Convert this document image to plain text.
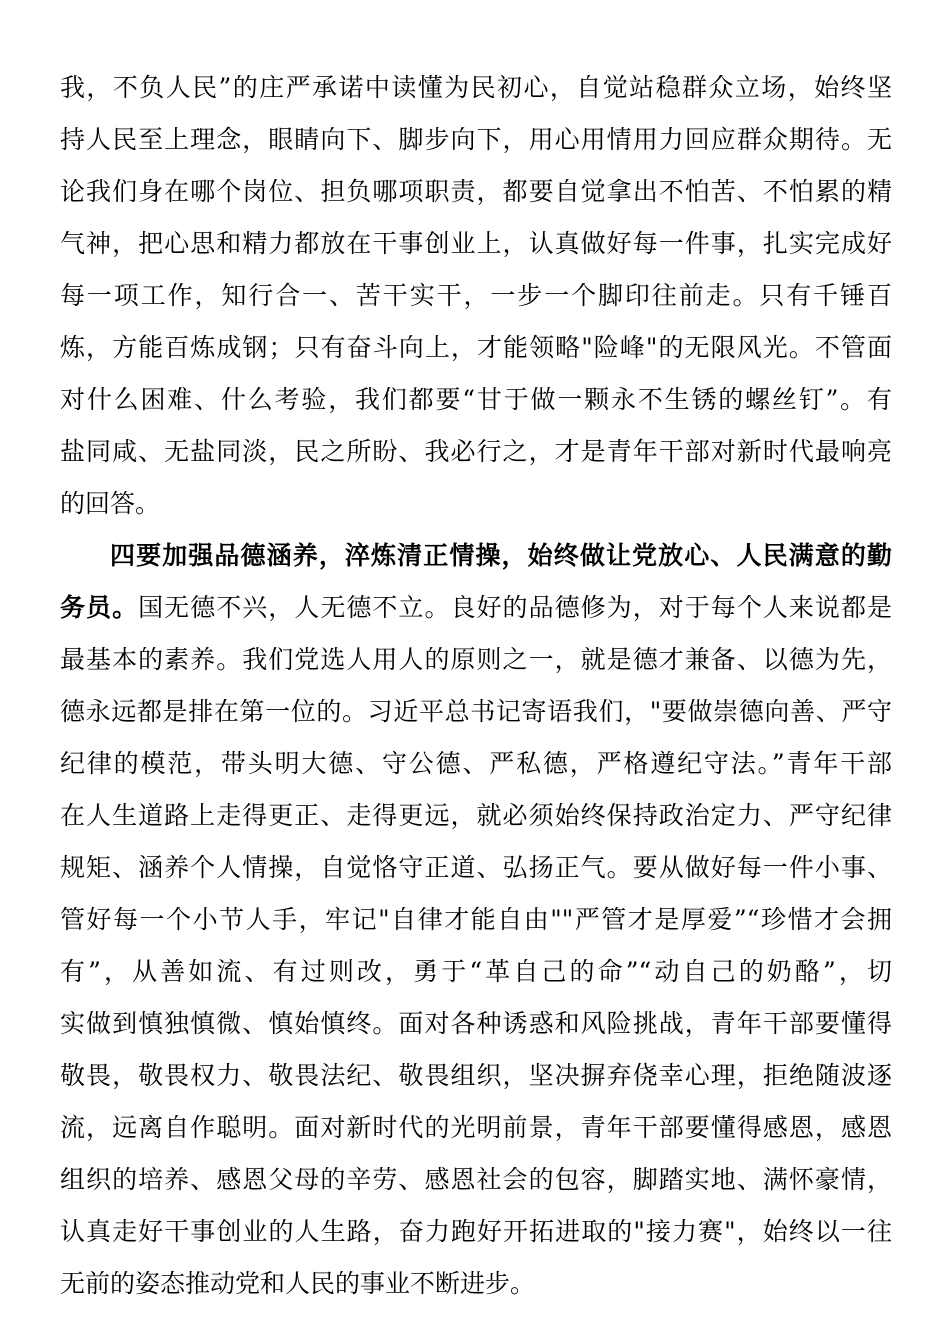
我，不负人民”的庄严承诺中读懂为民初心，自觉站稳群众立场，始终坚
持人民至上理念，眼睛向下、脚步向下，用心用情用力回应群众期待。无
论我们身在哪个岗位、担负哪项职责，都要自觉拿出不怕苦、不怕累的精
气神，把心思和精力都放在干事创业上，认真做好每一件事，扎实完成好
每一项工作，知行合一、苦干实干，一步一个脚印往前走。只有千锤百
炼，方能百炼成钢；只有奋斗向上，才能领略"险峰"的无限风光。不管面
对什么困难、什么考验，我们都要“甘于做一颗永不生锈的螺丝钉”。有
盐同咸、无盐同淡，民之所盼、我必行之，才是青年干部对新时代最响亮
的回答。
四要加强品德涵养，淬炼清正情操，始终做让党放心、人民满意的勤
务员。国无德不兴，人无德不立。良好的品德修为，对于每个人来说都是
最基本的素养。我们党选人用人的原则之一，就是德才兼备、以德为先，
德永远都是排在第一位的。习近平总书记寄语我们，"要做崇德向善、严守
纪律的模范，带头明大德、守公德、严私德，严格遵纪守法。”青年干部
在人生道路上走得更正、走得更远，就必须始终保持政治定力、严守纪律
规矩、涵养个人情操，自觉恪守正道、弘扬正气。要从做好每一件小事、
管好每一个小节人手，牢记"自律才能自由""严管才是厚爱”“珍惜才会拥
有”，从善如流、有过则改，勇于“革自己的命”“动自己的奶酪”，切
实做到慎独慎微、慎始慎终。面对各种诱惑和风险挑战，青年干部要懂得
敬畏，敬畏权力、敬畏法纪、敬畏组织，坚决摒弃侥幸心理，拒绝随波逐
流，远离自作聪明。面对新时代的光明前景，青年干部要懂得感恩，感恩
组织的培养、感恩父母的辛劳、感恩社会的包容，脚踏实地、满怀豪情，
认真走好干事创业的人生路，奋力跑好开拓进取的"接力赛"，始终以一往
无前的姿态推动党和人民的事业不断进步。
